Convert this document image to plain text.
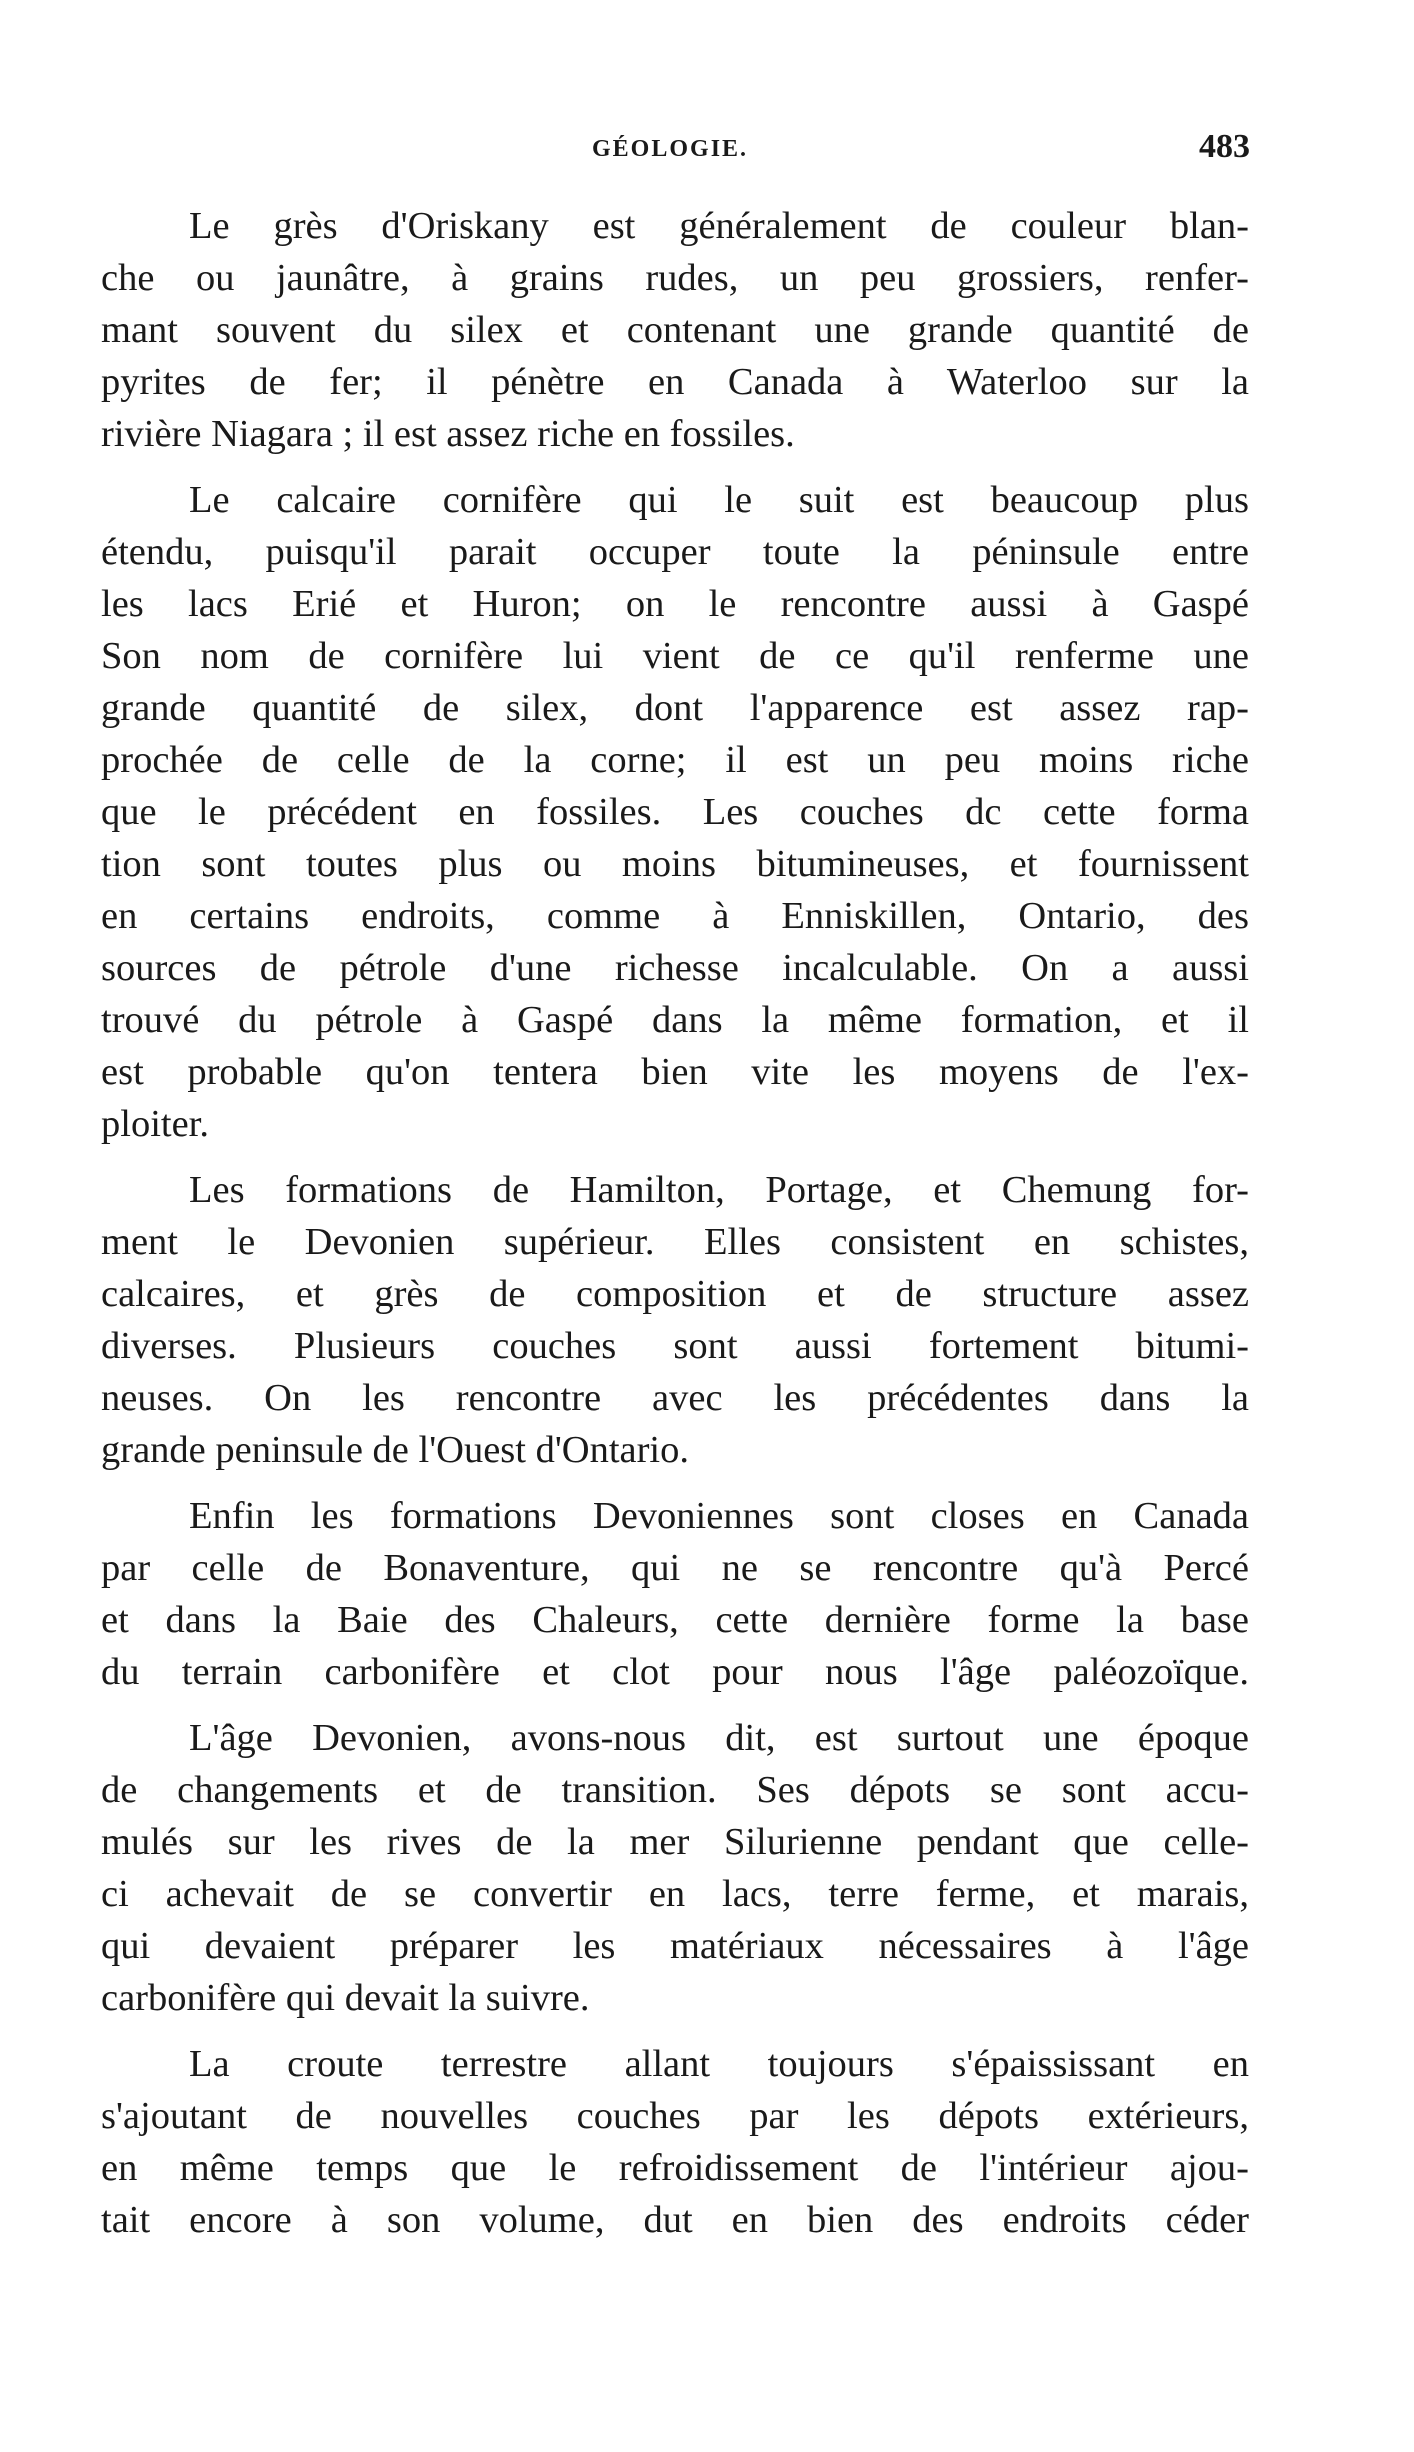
GÉOLOGIE.	483

Le grès d'Oriskany est généralement de couleur blan‑
che ou jaunâtre, à grains rudes, un peu grossiers, renfer-
mant souvent du silex et contenant une grande quantité de
pyrites de fer; il pénètre en Canada à Waterloo sur la
rivière Niagara ; il est assez riche en fossiles.

Le calcaire cornifère qui le suit est beaucoup plus
étendu, puisqu'il parait occuper toute la péninsule entre
les lacs Erié et Huron; on le rencontre aussi à Gaspé
Son nom de cornifère lui vient de ce qu'il renferme une
grande quantité de silex, dont l'apparence est assez rap-
prochée de celle de la corne; il est un peu moins riche
que le précédent en fossiles. Les couches dc cette forma
tion sont toutes plus ou moins bitumineuses, et fournissent
en certains endroits, comme à Enniskillen, Ontario, des
sources de pétrole d'une richesse incalculable. On a aussi
trouvé du pétrole à Gaspé dans la même formation, et il
est probable qu'on tentera bien vite les moyens de l'ex-
ploiter.

Les formations de Hamilton, Portage, et Chemung for-
ment le Devonien supérieur. Elles consistent en schistes,
calcaires, et grès de composition et de structure assez
diverses. Plusieurs couches sont aussi fortement bitumi-
neuses. On les rencontre avec les précédentes dans la
grande peninsule de l'Ouest d'Ontario.

Enfin les formations Devoniennes sont closes en Canada
par celle de Bonaventure, qui ne se rencontre qu'à Percé
et dans la Baie des Chaleurs, cette dernière forme la base
du terrain carbonifère et clot pour nous l'âge paléozoïque.

L'âge Devonien, avons-nous dit, est surtout une époque
de changements et de transition. Ses dépots se sont accu-
mulés sur les rives de la mer Silurienne pendant que celle-
ci achevait de se convertir en lacs, terre ferme, et marais,
qui devaient préparer les matériaux nécessaires à l'âge
carbonifère qui devait la suivre.

La croute terrestre allant toujours s'épaississant en
s'ajoutant de nouvelles couches par les dépots extérieurs,
en même temps que le refroidissement de l'intérieur ajou-
tait encore à son volume, dut en bien des endroits céder
